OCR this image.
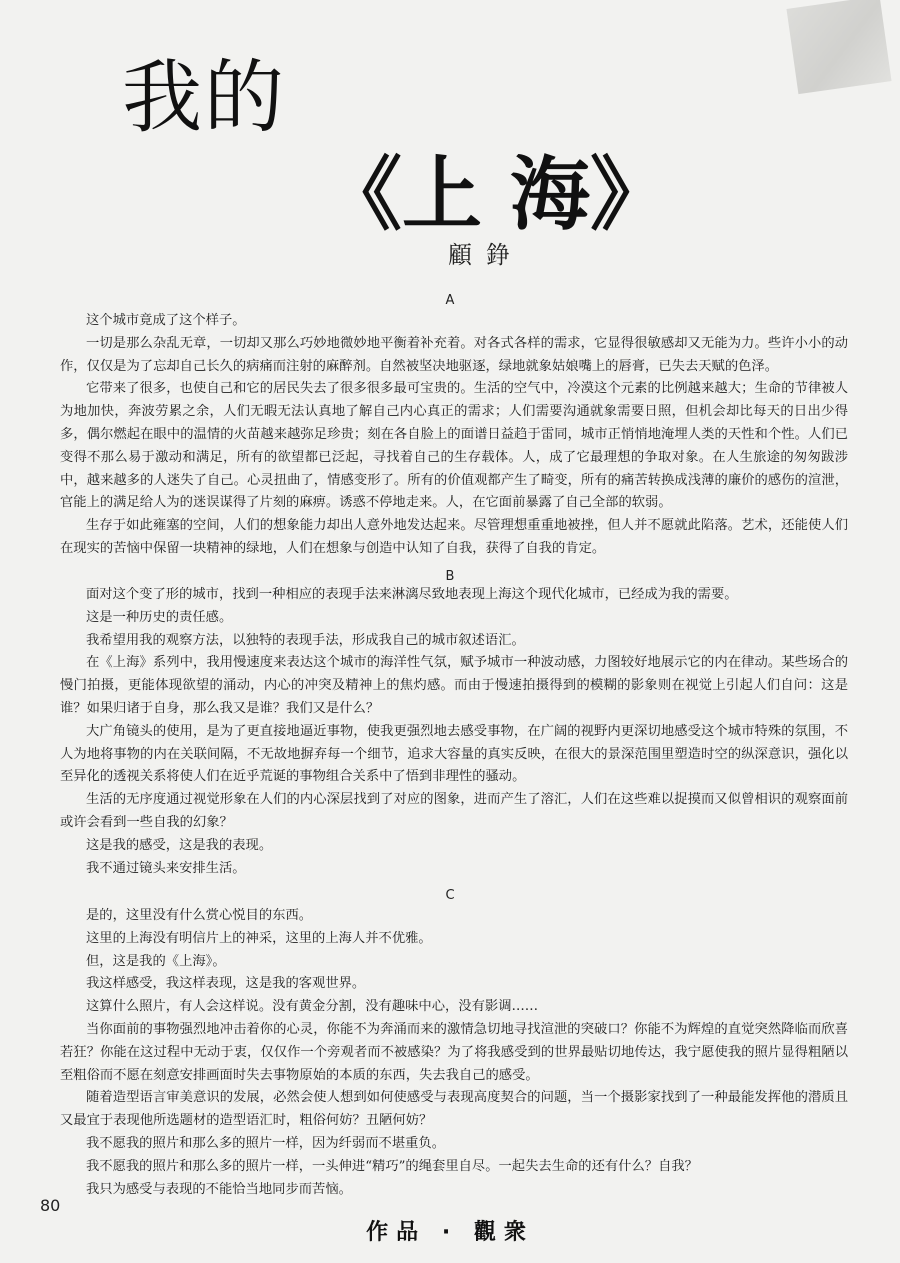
我的
《上 海》
顧錚
A

这个城市竟成了这个样子。

一切是那么杂乱无章，一切却又那么巧妙地微妙地平衡着补充着。对各式各样的需求，它显得很敏感却又无能为力。些许小小的动作，仅仅是为了忘却自己长久的病痛而注射的麻醉剂。自然被坚决地驱逐，绿地就象姑娘嘴上的唇膏，已失去天赋的色泽。

它带来了很多，也使自己和它的居民失去了很多很多最可宝贵的。生活的空气中，冷漠这个元素的比例越来越大；生命的节律被人为地加快，奔波劳累之余，人们无暇无法认真地了解自己内心真正的需求；人们需要沟通就象需要日照，但机会却比每天的日出少得多，偶尔燃起在眼中的温情的火苗越来越弥足珍贵；刻在各自脸上的面谱日益趋于雷同，城市正悄悄地淹埋人类的天性和个性。人们已变得不那么易于激动和满足，所有的欲望都已泛起，寻找着自己的生存载体。人，成了它最理想的争取对象。在人生旅途的匆匆跋涉中，越来越多的人迷失了自己。心灵扭曲了，情感变形了。所有的价值观都产生了畸变，所有的痛苦转换成浅薄的廉价的感伤的渲泄，官能上的满足给人为的迷误谋得了片刻的麻痹。诱惑不停地走来。人，在它面前暴露了自己全部的软弱。

生存于如此雍塞的空间，人们的想象能力却出人意外地发达起来。尽管理想重重地被挫，但人并不愿就此陷落。艺术，还能使人们在现实的苦恼中保留一块精神的绿地，人们在想象与创造中认知了自我，获得了自我的肯定。

B

面对这个变了形的城市，找到一种相应的表现手法来淋漓尽致地表现上海这个现代化城市，已经成为我的需要。

这是一种历史的责任感。

我希望用我的观察方法，以独特的表现手法，形成我自己的城市叙述语汇。

在《上海》系列中，我用慢速度来表达这个城市的海洋性气氛，赋予城市一种波动感，力图较好地展示它的内在律动。某些场合的慢门拍摄，更能体现欲望的涌动，内心的冲突及精神上的焦灼感。而由于慢速拍摄得到的模糊的影象则在视觉上引起人们自问：这是谁？如果归诸于自身，那么我又是谁？我们又是什么？

大广角镜头的使用，是为了更直接地逼近事物，使我更强烈地去感受事物，在广阔的视野内更深切地感受这个城市特殊的氛围，不人为地将事物的内在关联间隔，不无故地摒弃每一个细节，追求大容量的真实反映，在很大的景深范围里塑造时空的纵深意识，强化以至异化的透视关系将使人们在近乎荒诞的事物组合关系中了悟到非理性的骚动。

生活的无序度通过视觉形象在人们的内心深层找到了对应的图象，进而产生了溶汇，人们在这些难以捉摸而又似曾相识的观察面前或许会看到一些自我的幻象？

这是我的感受，这是我的表现。

我不通过镜头来安排生活。

C

是的，这里没有什么赏心悦目的东西。

这里的上海没有明信片上的神采，这里的上海人并不优雅。

但，这是我的《上海》。

我这样感受，我这样表现，这是我的客观世界。

这算什么照片，有人会这样说。没有黄金分割，没有趣味中心，没有影调……

当你面前的事物强烈地冲击着你的心灵，你能不为奔涌而来的激情急切地寻找渲泄的突破口？你能不为辉煌的直觉突然降临而欣喜若狂？你能在这过程中无动于衷，仅仅作一个旁观者而不被感染？为了将我感受到的世界最贴切地传达，我宁愿使我的照片显得粗陋以至粗俗而不愿在刻意安排画面时失去事物原始的本质的东西，失去我自己的感受。

随着造型语言审美意识的发展，必然会使人想到如何使感受与表现高度契合的问题，当一个摄影家找到了一种最能发挥他的潜质且又最宜于表现他所选题材的造型语汇时，粗俗何妨？丑陋何妨？

我不愿我的照片和那么多的照片一样，因为纤弱而不堪重负。

我不愿我的照片和那么多的照片一样，一头伸进“精巧”的绳套里自尽。一起失去生命的还有什么？自我？

我只为感受与表现的不能恰当地同步而苦恼。

80
作品 · 觀衆
